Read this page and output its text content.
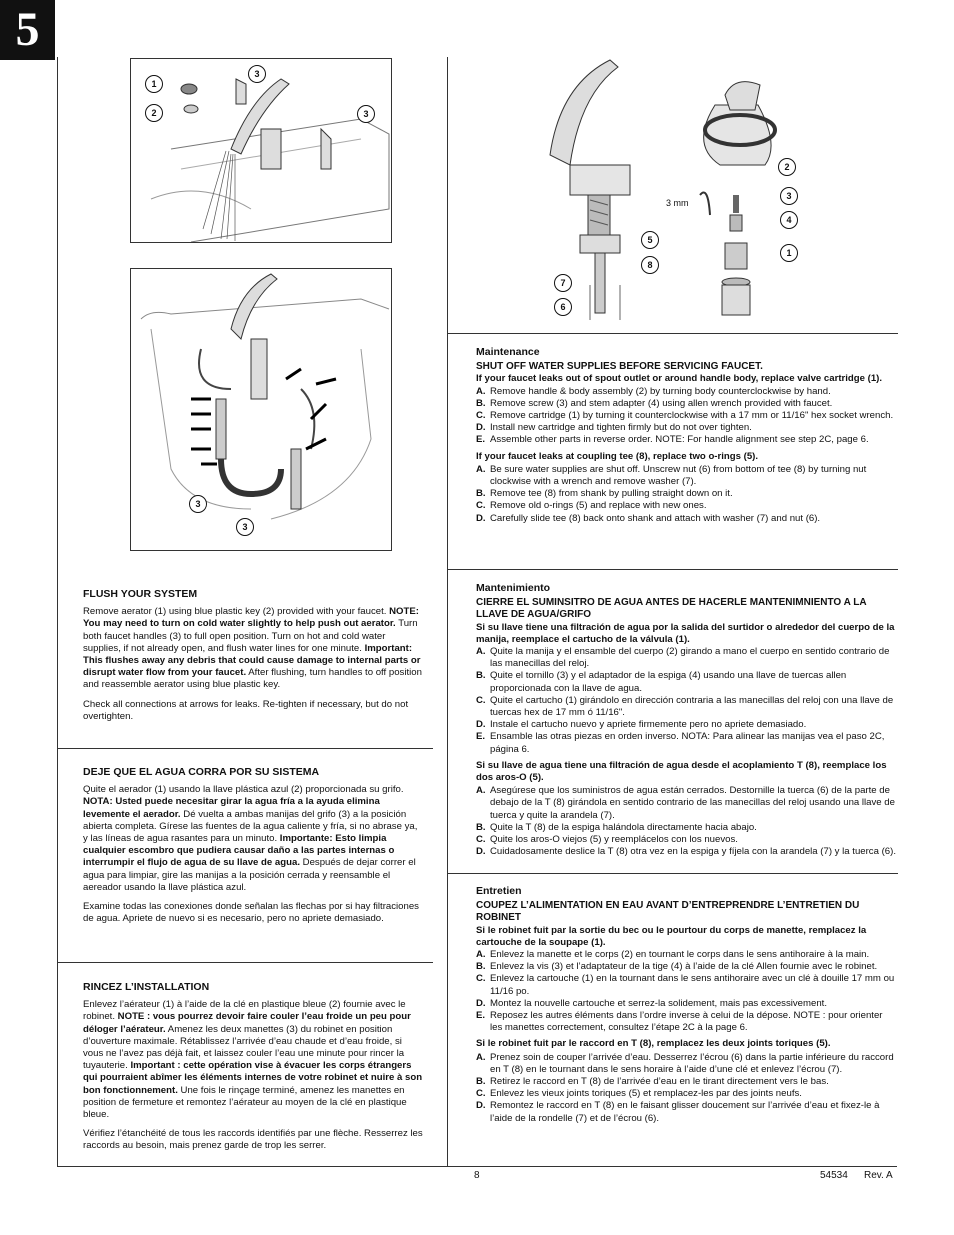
5
1
2
3
3
3
3
3 mm
2
3
4
1
5
8
7
6
FLUSH YOUR SYSTEM

Remove aerator (1) using blue plastic key (2) provided with your faucet. NOTE: You may need to turn on cold water slightly to help push out aerator. Turn both faucet handles (3) to full open position. Turn on hot and cold water supplies, if not already open, and flush water lines for one minute. Important: This flushes away any debris that could cause damage to internal parts or disrupt water flow from your faucet. After flushing, turn handles to off position and reassemble aerator using blue plastic key.

Check all connections at arrows for leaks. Re-tighten if necessary, but do not overtighten.

DEJE QUE EL AGUA CORRA POR SU SISTEMA

Quite el aerador (1) usando la llave plástica azul (2) proporcionada su grifo. NOTA: Usted puede necesitar girar la agua fría a la ayuda elimina levemente el aerador. Dé vuelta a ambas manijas del grifo (3) a la posición abierta completa. Gírese las fuentes de la agua caliente y fría, si no abrase ya, y las líneas de agua rasantes para un minuto. Importante: Esto limpia cualquier escombro que pudiera causar daño a las partes internas o interrumpir el flujo de agua de su llave de agua. Después de dejar correr el agua para limpiar, gire las manijas a la posición cerrada y reensamble el aereador usando la llave plástica azul.

Examine todas las conexiones donde señalan las flechas por si hay filtraciones de agua. Apriete de nuevo si es necesario, pero no apriete demasiado.

RINCEZ L’INSTALLATION

Enlevez l’aérateur (1) à l’aide de la clé en plastique bleue (2) fournie avec le robinet. NOTE : vous pourrez devoir faire couler l’eau froide un peu pour déloger l’aérateur. Amenez les deux manettes (3) du robinet en position d’ouverture maximale. Rétablissez l’arrivée d’eau chaude et d’eau froide, si vous ne l’avez pas déjà fait, et laissez couler l’eau une minute pour rincer la tuyauterie. Important : cette opération vise à évacuer les corps étrangers qui pourraient abîmer les éléments internes de votre robinet et nuire à son bon fonctionnement. Une fois le rinçage terminé, amenez les manettes en position de fermeture et remontez l’aérateur au moyen de la clé en plastique bleue.

Vérifiez l’étanchéité de tous les raccords identifiés par une flèche. Resserrez les raccords au besoin, mais prenez garde de trop les serrer.

Maintenance
SHUT OFF WATER SUPPLIES BEFORE SERVICING FAUCET.
If your faucet leaks out of spout outlet or around handle body, replace valve cartridge (1).
A. Remove handle & body assembly (2) by turning body counterclockwise by hand.
B. Remove screw (3) and stem adapter (4) using allen wrench provided with faucet.
C. Remove cartridge (1) by turning it counterclockwise with a 17 mm or 11/16" hex socket wrench.
D. Install new cartridge and tighten firmly but do not over tighten.
E. Assemble other parts in reverse order. NOTE: For handle alignment see step 2C, page 6.
If your faucet leaks at coupling tee (8), replace two o-rings (5).
A. Be sure water supplies are shut off. Unscrew nut (6) from bottom of tee (8) by turning nut clockwise with a wrench and remove washer (7).
B. Remove tee (8) from shank by pulling straight down on it.
C. Remove old o-rings (5) and replace with new ones.
D. Carefully slide tee (8) back onto shank and attach with washer (7) and nut (6).
Mantenimiento
CIERRE EL SUMINSITRO DE AGUA ANTES DE HACERLE MANTENIMNIENTO A LA LLAVE DE AGUA/GRIFO
Si su llave tiene una filtración de agua por la salida del surtidor o alrededor del cuerpo de la manija, reemplace el cartucho de la válvula (1).
A. Quite la manija y el ensamble del cuerpo (2) girando a mano el cuerpo en sentido contrario de las manecillas del reloj.
B. Quite el tornillo (3) y el adaptador de la espiga (4) usando una llave de tuercas allen proporcionada con la llave de agua.
C. Quite el cartucho (1) girándolo en dirección contraria a las manecillas del reloj con una llave de tuercas hex de 17 mm ó 11/16".
D. Instale el cartucho nuevo y apriete firmemente pero no apriete demasiado.
E. Ensamble las otras piezas en orden inverso. NOTA: Para alinear las manijas vea el paso 2C, página 6.
Si su llave de agua tiene una filtración de agua desde el acoplamiento T (8), reemplace los dos aros-O (5).
A. Asegúrese que los suministros de agua están cerrados. Destornille la tuerca (6) de la parte de debajo de la T (8) girándola en sentido contrario de las manecillas del reloj usando una llave de tuerca y quite la arandela (7).
B. Quite la T (8) de la espiga halándola directamente hacia abajo.
C. Quite los aros-O viejos (5) y reemplácelos con los nuevos.
D. Cuidadosamente deslice la T (8) otra vez en la espiga y fíjela con la arandela (7) y la tuerca (6).
Entretien
COUPEZ L’ALIMENTATION EN EAU AVANT D’ENTREPRENDRE L’ENTRETIEN DU ROBINET
Si le robinet fuit par la sortie du bec ou le pourtour du corps de manette, remplacez la cartouche de la soupape (1).
A. Enlevez la manette et le corps (2) en tournant le corps dans le sens antihoraire à la main.
B. Enlevez la vis (3) et l’adaptateur de la tige (4) à l’aide de la clé Allen fournie avec le robinet.
C. Enlevez la cartouche (1) en la tournant dans le sens antihoraire avec un clé à douille 17 mm ou 11/16 po.
D. Montez la nouvelle cartouche et serrez-la solidement, mais pas excessivement.
E. Reposez les autres éléments dans l’ordre inverse à celui de la dépose. NOTE : pour orienter les manettes correctement, consultez l’étape 2C à la page 6.
Si le robinet fuit par le raccord en T (8), remplacez les deux joints toriques (5).
A. Prenez soin de couper l’arrivée d’eau. Desserrez l’écrou (6) dans la partie inférieure du raccord en T (8) en le tournant dans le sens horaire à l’aide d’une clé et enlevez l’écrou (7).
B. Retirez le raccord en T (8) de l’arrivée d’eau en le tirant directement vers le bas.
C. Enlevez les vieux joints toriques (5) et remplacez-les par des joints neufs.
D. Remontez le raccord en T (8) en le faisant glisser doucement sur l’arrivée d’eau et fixez-le à l’aide de la rondelle (7) et de l’écrou (6).
8	54534 Rev. A
